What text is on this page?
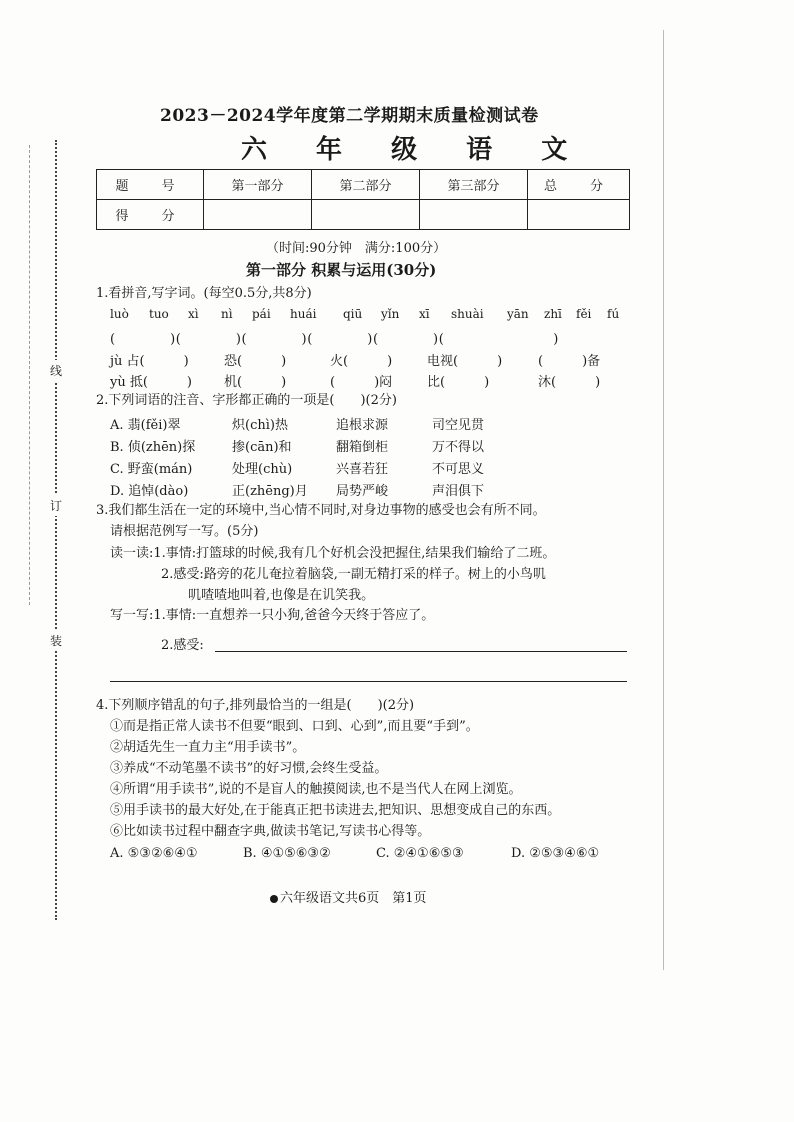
线
订
装
2023－2024学年度第二学期期末质量检测试卷
六 年 级 语 文
题　号	第一部分	第二部分	第三部分	总　分
得　分				
（时间:90分钟　满分:100分）
第一部分 积累与运用(30分)
1.看拼音,写字词。(每空0.5分,共8分)
luò tuo xì nì pái huái qiū yǐn xī shuài yān zhī fěi fú
(　　　　)(　　　　)(　　　　)(　　　　)(　　　　)(　　　　　　　　)
jù 占(　　　)	恐(　　　)	火(　　　)	电视(　　　)	(　　　)备
yù 抵(　　　) 机(　　　)	(　　　)闷	比(　　　)	沐(　　　)
2.下列词语的注音、字形都正确的一项是(　　)(2分)
A. 翡(fěi)翠	炽(chì)热	追根求源	司空见贯
B. 侦(zhēn)探	掺(cān)和	翻箱倒柜	万不得以
C. 野蛮(mán)	处理(chù)	兴喜若狂	不可思义
D. 追悼(dào)	正(zhēng)月 局势严峻	声泪俱下
3.我们都生活在一定的环境中,当心情不同时,对身边事物的感受也会有所不同。
请根据范例写一写。(5分)
读一读:1.事情:打篮球的时候,我有几个好机会没把握住,结果我们输给了二班。
2.感受:路旁的花儿奄拉着脑袋,一副无精打采的样子。树上的小鸟叽
叽喳喳地叫着,也像是在讥笑我。
写一写:1.事情:一直想养一只小狗,爸爸今天终于答应了。
2.感受:
4.下列顺序错乱的句子,排列最恰当的一组是(　　)(2分)
①而是指正常人读书不但要“眼到、口到、心到”,而且要“手到”。
②胡适先生一直力主“用手读书”。
③养成“不动笔墨不读书”的好习惯,会终生受益。
④所谓“用手读书”,说的不是盲人的触摸阅读,也不是当代人在网上浏览。
⑤用手读书的最大好处,在于能真正把书读进去,把知识、思想变成自己的东西。
⑥比如读书过程中翻查字典,做读书笔记,写读书心得等。
A. ⑤③②⑥④①	B. ④①⑤⑥③②	C. ②④①⑥⑤③	D. ②⑤③④⑥①
六年级语文共6页　第1页
